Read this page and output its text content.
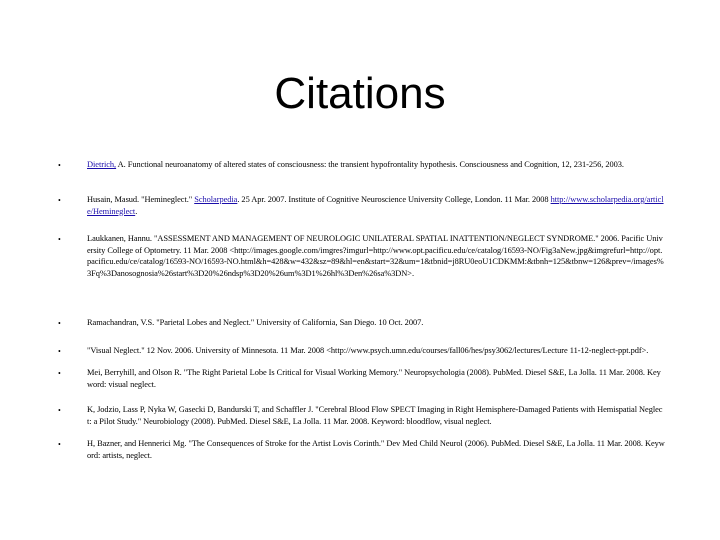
Citations
•	Dietrich, A. Functional neuroanatomy of altered states of consciousness: the transient hypofrontality hypothesis. Consciousness and Cognition, 12, 231-256, 2003.
•	Husain, Masud. "Hemineglect." Scholarpedia. 25 Apr. 2007. Institute of Cognitive Neuroscience University College, London. 11 Mar. 2008 http://www.scholarpedia.org/article/Hemineglect.
•	Laukkanen, Hannu. "ASSESSMENT AND MANAGEMENT OF NEUROLOGIC UNILATERAL SPATIAL INATTENTION/NEGLECT SYNDROME." 2006. Pacific University College of Optometry. 11 Mar. 2008 <http://images.google.com/imgres?imgurl=http://www.opt.pacificu.edu/ce/catalog/16593-NO/Fig3aNew.jpg&imgrefurl=http://opt.pacificu.edu/ce/catalog/16593-NO/16593-NO.html&h=428&w=432&sz=89&hl=en&start=32&um=1&tbnid=j8RU0eoU1CDKMM:&tbnh=125&tbnw=126&prev=/images%3Fq%3Danosognosia%26start%3D20%26ndsp%3D20%26um%3D1%26hl%3Den%26sa%3DN>.
•	Ramachandran, V.S. "Parietal Lobes and Neglect." University of California, San Diego. 10 Oct. 2007.
•	"Visual Neglect." 12 Nov. 2006. University of Minnesota. 11 Mar. 2008 <http://www.psych.umn.edu/courses/fall06/hes/psy3062/lectures/Lecture 11-12-neglect-ppt.pdf>.
•	Mei, Berryhill, and Olson R. "The Right Parietal Lobe Is Critical for Visual Working Memory." Neuropsychologia (2008). PubMed. Diesel S&E, La Jolla. 11 Mar. 2008. Keyword: visual neglect.
•	K, Jodzio, Lass P, Nyka W, Gasecki D, Bandurski T, and Schaffler J. "Cerebral Blood Flow SPECT Imaging in Right Hemisphere-Damaged Patients with Hemispatial Neglect: a Pilot Study." Neurobiology (2008). PubMed. Diesel S&E, La Jolla. 11 Mar. 2008. Keyword: bloodflow, visual neglect.
•	H, Bazner, and Hennerici Mg. "The Consequences of Stroke for the Artist Lovis Corinth." Dev Med Child Neurol (2006). PubMed. Diesel S&E, La Jolla. 11 Mar. 2008. Keyword: artists, neglect.
